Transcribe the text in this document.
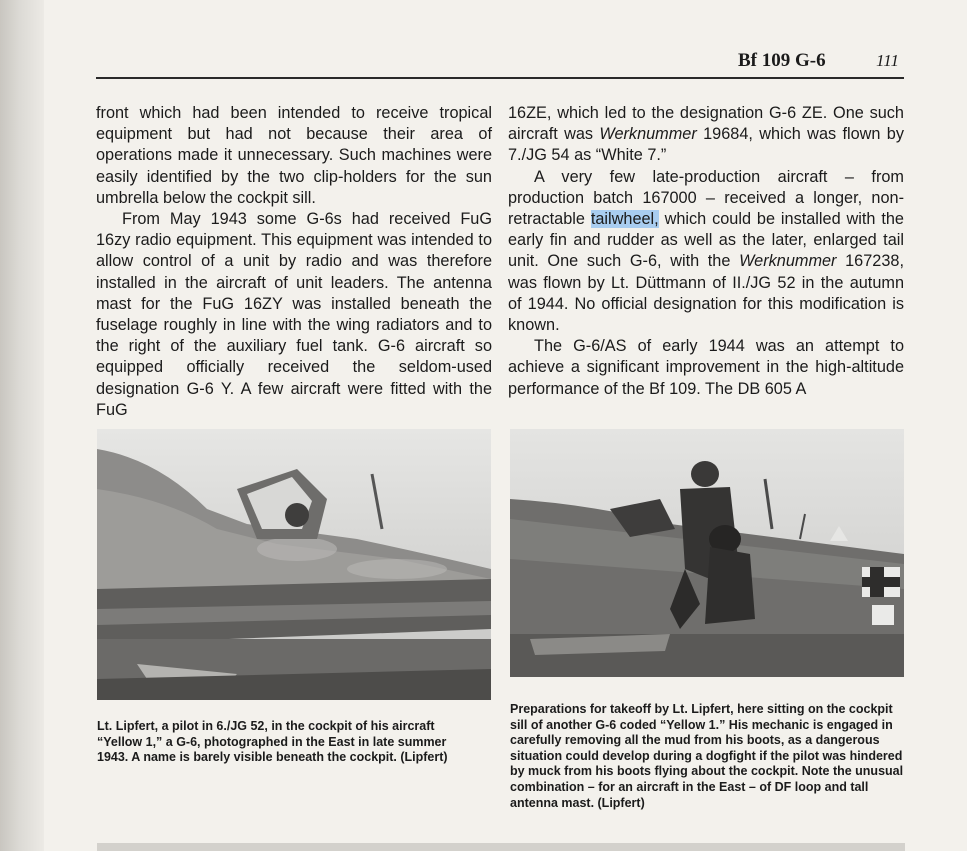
Bf 109 G-6	111

front which had been intended to receive tropical equipment but had not because their area of operations made it unnecessary. Such machines were easily identified by the two clip-holders for the sun umbrella below the cockpit sill.

From May 1943 some G-6s had received FuG 16zy radio equipment. This equipment was intended to allow control of a unit by radio and was therefore installed in the aircraft of unit leaders. The antenna mast for the FuG 16ZY was installed beneath the fuselage roughly in line with the wing radiators and to the right of the auxiliary fuel tank. G-6 aircraft so equipped officially received the seldom-used designation G-6 Y. A few aircraft were fitted with the FuG

16ZE, which led to the designation G-6 ZE. One such aircraft was Werknummer 19684, which was flown by 7./JG 54 as “White 7.”

A very few late-production aircraft – from production batch 167000 – received a longer, non-retractable tailwheel, which could be installed with the early fin and rudder as well as the later, enlarged tail unit. One such G-6, with the Werknummer 167238, was flown by Lt. Düttmann of II./JG 52 in the autumn of 1944. No official designation for this modification is known.

The G-6/AS of early 1944 was an attempt to achieve a significant improvement in the high-altitude performance of the Bf 109. The DB 605 A

Lt. Lipfert, a pilot in 6./JG 52, in the cockpit of his aircraft “Yellow 1,” a G-6, photographed in the East in late summer 1943. A name is barely visible beneath the cockpit. (Lipfert)
Preparations for takeoff by Lt. Lipfert, here sitting on the cockpit sill of another G-6 coded “Yellow 1.” His mechanic is engaged in carefully removing all the mud from his boots, as a dangerous situation could develop during a dogfight if the pilot was hindered by muck from his boots flying about the cockpit. Note the unusual combination – for an aircraft in the East – of DF loop and tall antenna mast. (Lipfert)
